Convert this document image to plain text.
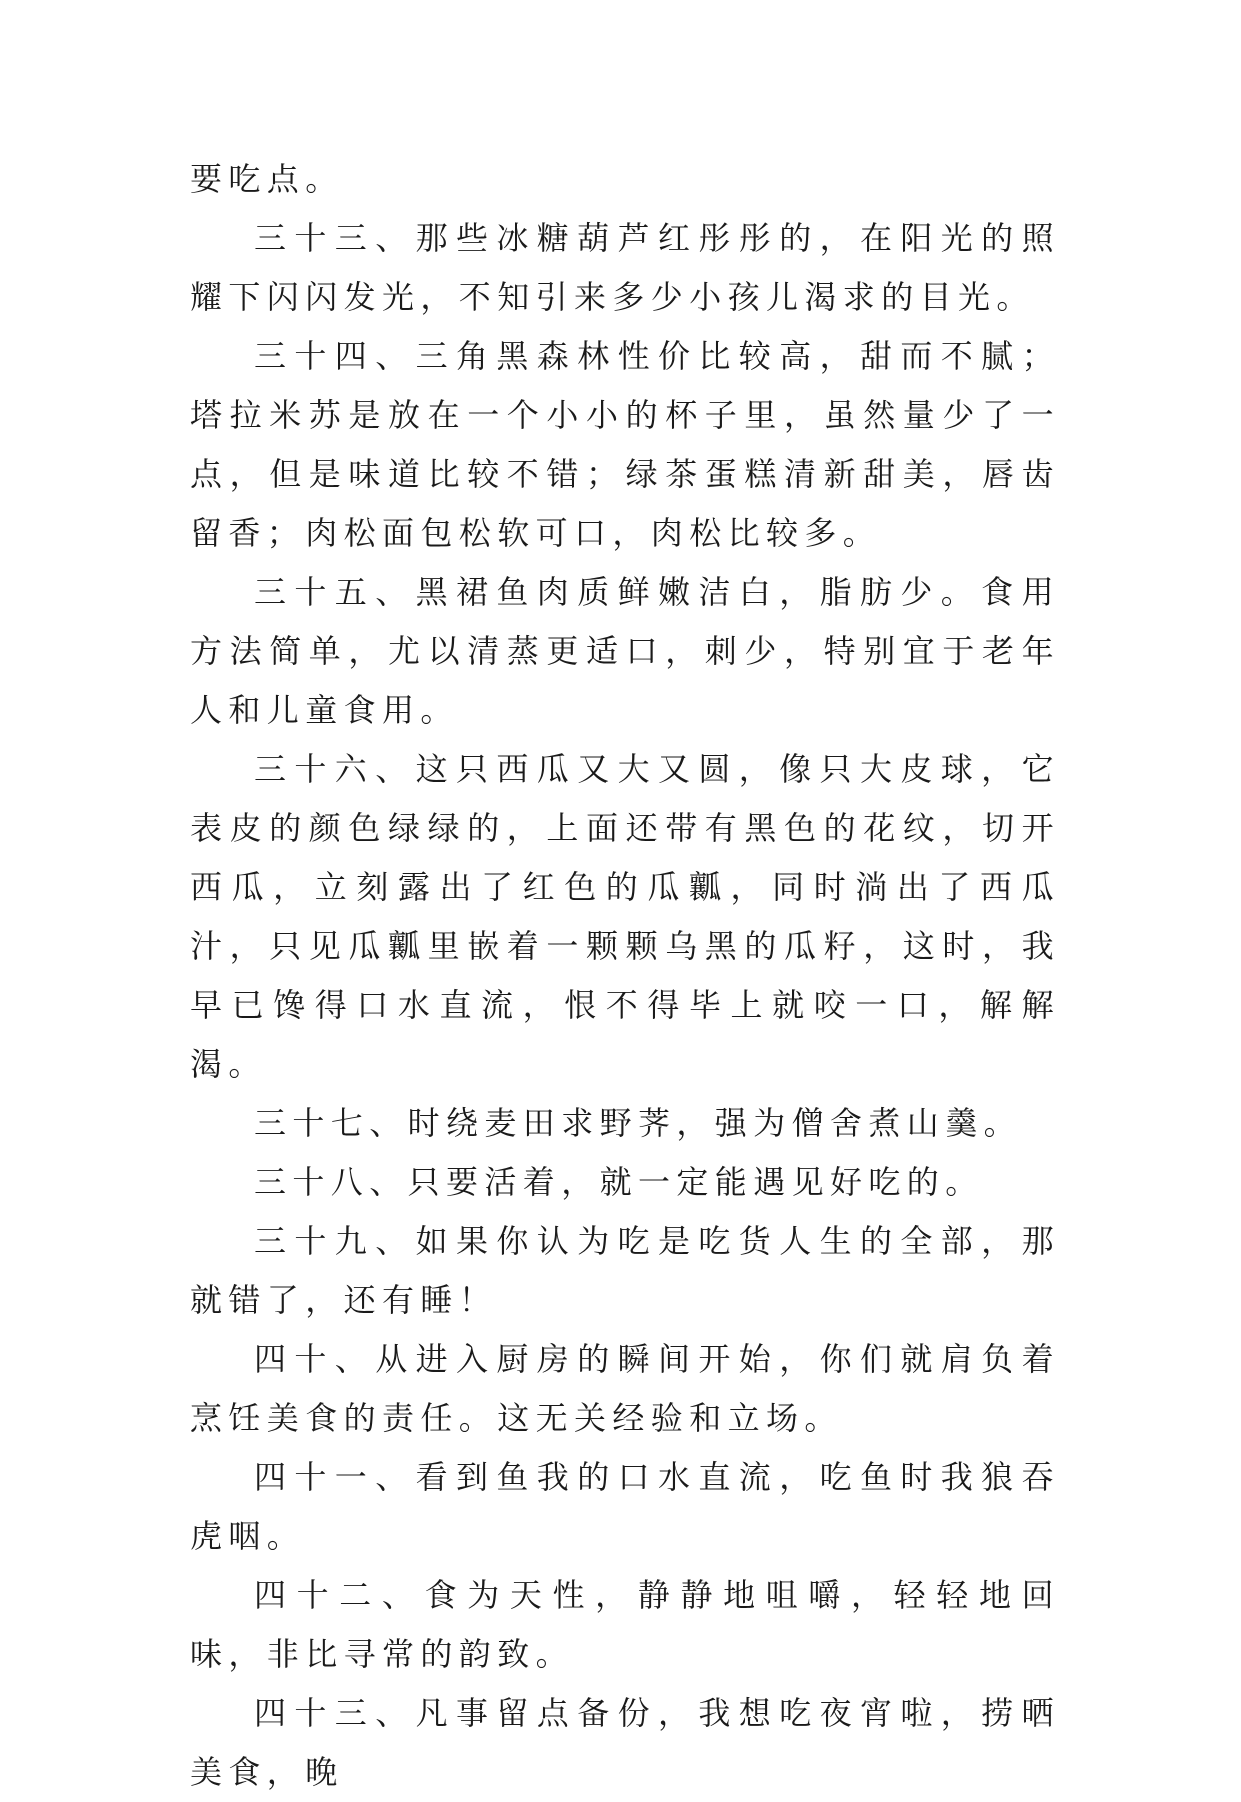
要吃点。

三十三、那些冰糖葫芦红彤彤的，在阳光的照耀下闪闪发光，不知引来多少小孩儿渴求的目光。

三十四、三角黑森林性价比较高，甜而不腻；塔拉米苏是放在一个小小的杯子里，虽然量少了一点，但是味道比较不错；绿茶蛋糕清新甜美，唇齿留香；肉松面包松软可口，肉松比较多。

三十五、黑裙鱼肉质鲜嫩洁白，脂肪少。食用方法简单，尤以清蒸更适口，刺少，特别宜于老年人和儿童食用。

三十六、这只西瓜又大又圆，像只大皮球，它表皮的颜色绿绿的，上面还带有黑色的花纹，切开西瓜，立刻露出了红色的瓜瓤，同时淌出了西瓜汁，只见瓜瓤里嵌着一颗颗乌黑的瓜籽，这时，我早已馋得口水直流，恨不得毕上就咬一口，解解渴。

三十七、时绕麦田求野荠，强为僧舍煮山羹。

三十八、只要活着，就一定能遇见好吃的。

三十九、如果你认为吃是吃货人生的全部，那就错了，还有睡！

四十、从进入厨房的瞬间开始，你们就肩负着烹饪美食的责任。这无关经验和立场。

四十一、看到鱼我的口水直流，吃鱼时我狼吞虎咽。

四十二、食为天性，静静地咀嚼，轻轻地回味，非比寻常的韵致。

四十三、凡事留点备份，我想吃夜宵啦，捞晒美食，晚
